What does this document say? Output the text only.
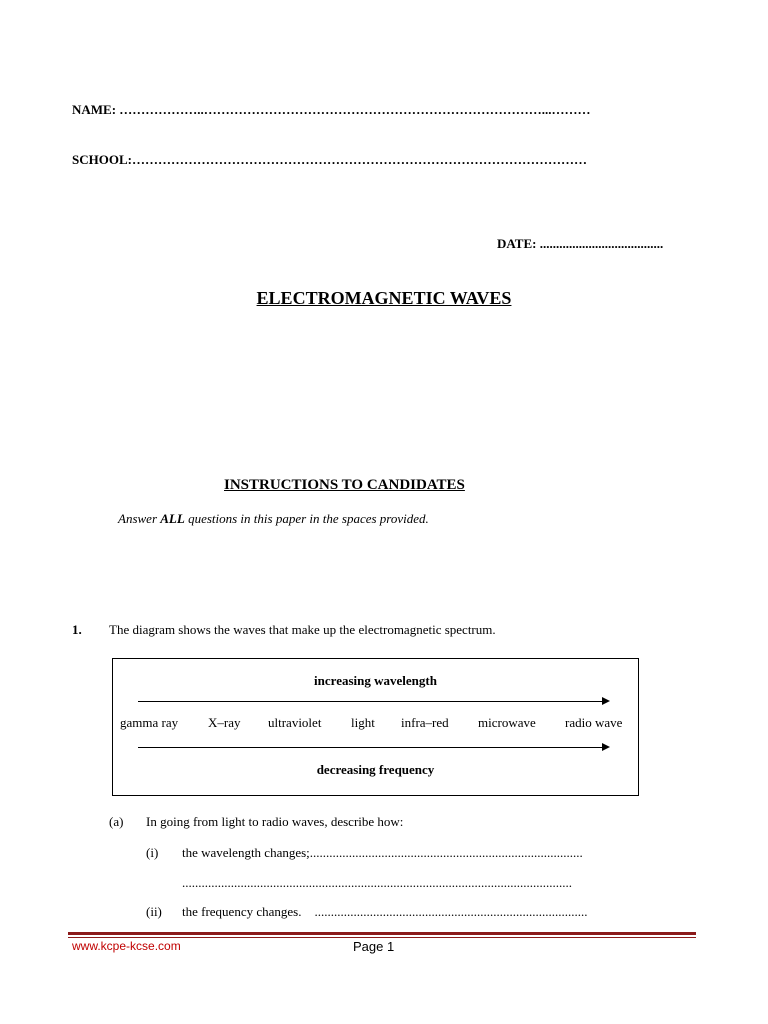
NAME: ………………..……………………………………………………………………...………
SCHOOL:……………………………………………………………………………………………
DATE: ......................................
ELECTROMAGNETIC WAVES
INSTRUCTIONS TO CANDIDATES
Answer ALL questions in this paper in the spaces provided.
1. The diagram shows the waves that make up the electromagnetic spectrum.
increasing wavelength
gamma ray X–ray ultraviolet light infra–red microwave radio wave
decreasing frequency
(a) In going from light to radio waves, describe how:
(i) the wavelength changes;....................................................................................
........................................................................................................................
(ii) the frequency changes. ....................................................................................
www.kcpe-kcse.com	Page 1
